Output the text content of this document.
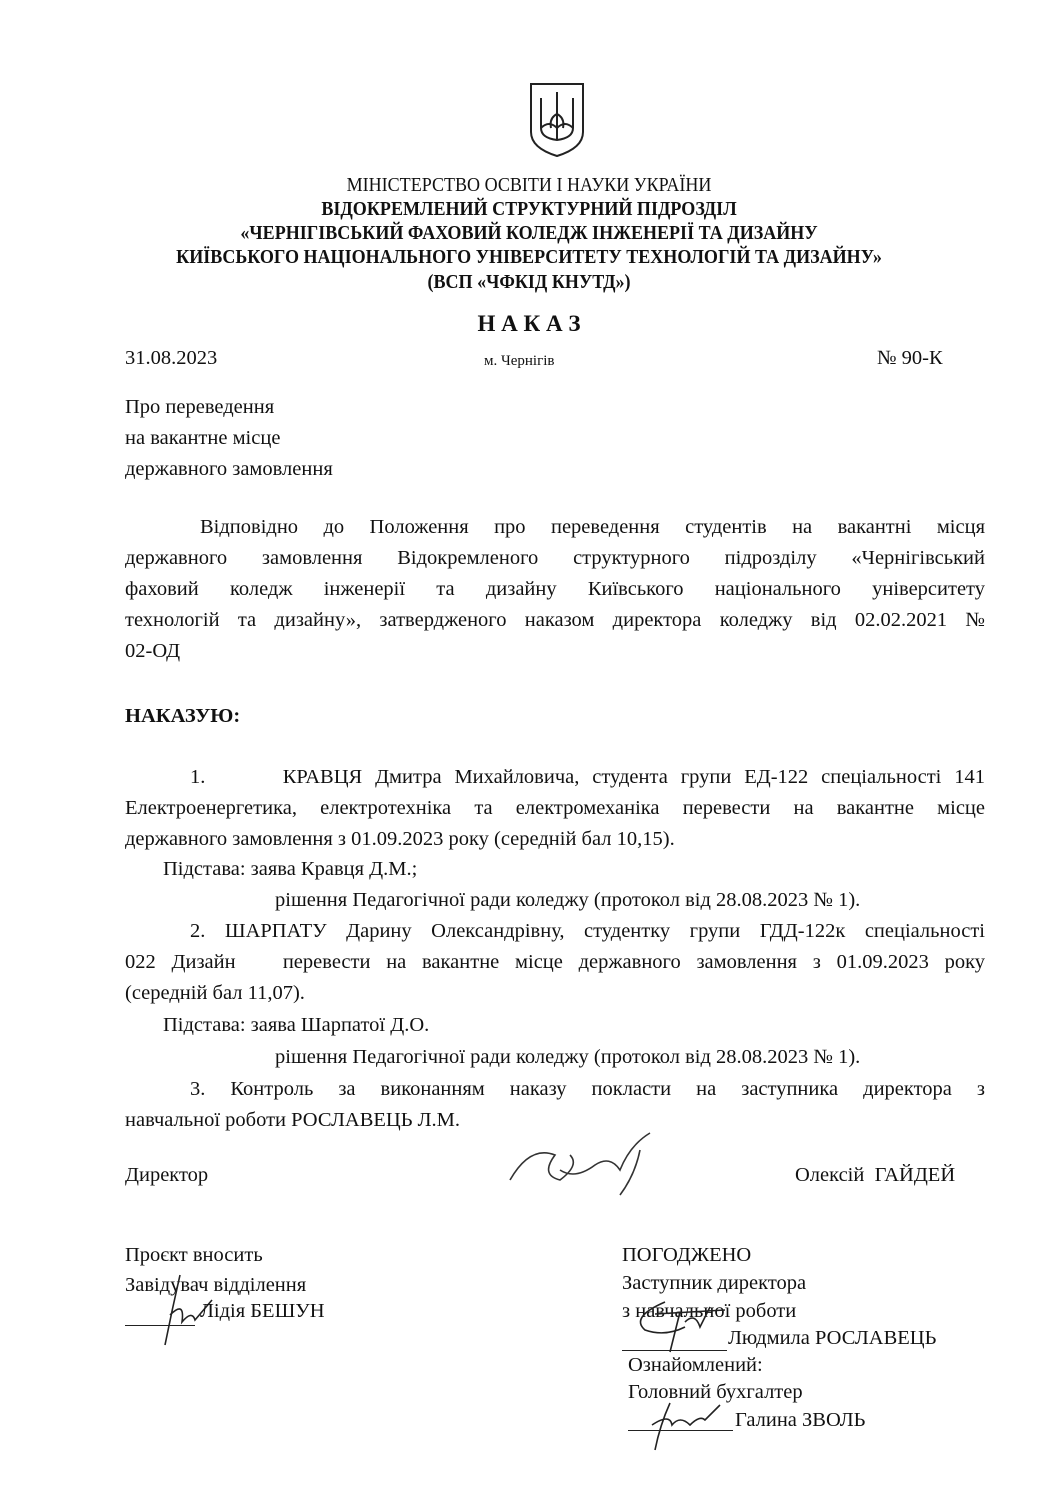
МІНІСТЕРСТВО ОСВІТИ І НАУКИ УКРАЇНИ
ВІДОКРЕМЛЕНИЙ СТРУКТУРНИЙ ПІДРОЗДІЛ
«ЧЕРНІГІВСЬКИЙ ФАХОВИЙ КОЛЕДЖ ІНЖЕНЕРІЇ ТА ДИЗАЙНУ
КИЇВСЬКОГО НАЦІОНАЛЬНОГО УНІВЕРСИТЕТУ ТЕХНОЛОГІЙ ТА ДИЗАЙНУ»
(ВСП «ЧФКІД КНУТД»)
Н А К А З
31.08.2023	м. Чернігів	№ 90-К
Про переведення
на вакантне місце
державного замовлення
Відповідно до Положення про переведення студентів на вакантні місця
державного замовлення Відокремленого структурного підрозділу «Чернігівський
фаховий коледж інженерії та дизайну Київського національного університету
технологій та дизайну», затвердженого наказом директора коледжу від 02.02.2021 №
02-ОД
НАКАЗУЮ:
1.      КРАВЦЯ Дмитра Михайловича, студента групи ЕД-122 спеціальності 141
Електроенергетика, електротехніка та електромеханіка перевести на вакантне місце
державного замовлення з 01.09.2023 року (середній бал 10,15).
Підстава: заява Кравця Д.М.;
рішення Педагогічної ради коледжу (протокол від 28.08.2023 № 1).
2. ШАРПАТУ Дарину Олександрівну, студентку групи ГДД-122к спеціальності
022 Дизайн   перевести на вакантне місце державного замовлення з 01.09.2023 року
(середній бал 11,07).
Підстава: заява Шарпатої Д.О.
рішення Педагогічної ради коледжу (протокол від 28.08.2023 № 1).
3. Контроль за виконанням наказу покласти на заступника директора з
навчальної роботи РОСЛАВЕЦЬ Л.М.
Директор	Олексій  ГАЙДЕЙ
Проєкт вносить
Завідувач відділення
Лідія БЕШУН
ПОГОДЖЕНО
Заступник директора
з навчальної роботи
Людмила РОСЛАВЕЦЬ
Ознайомлений:
Головний бухгалтер
Галина ЗВОЛЬ
